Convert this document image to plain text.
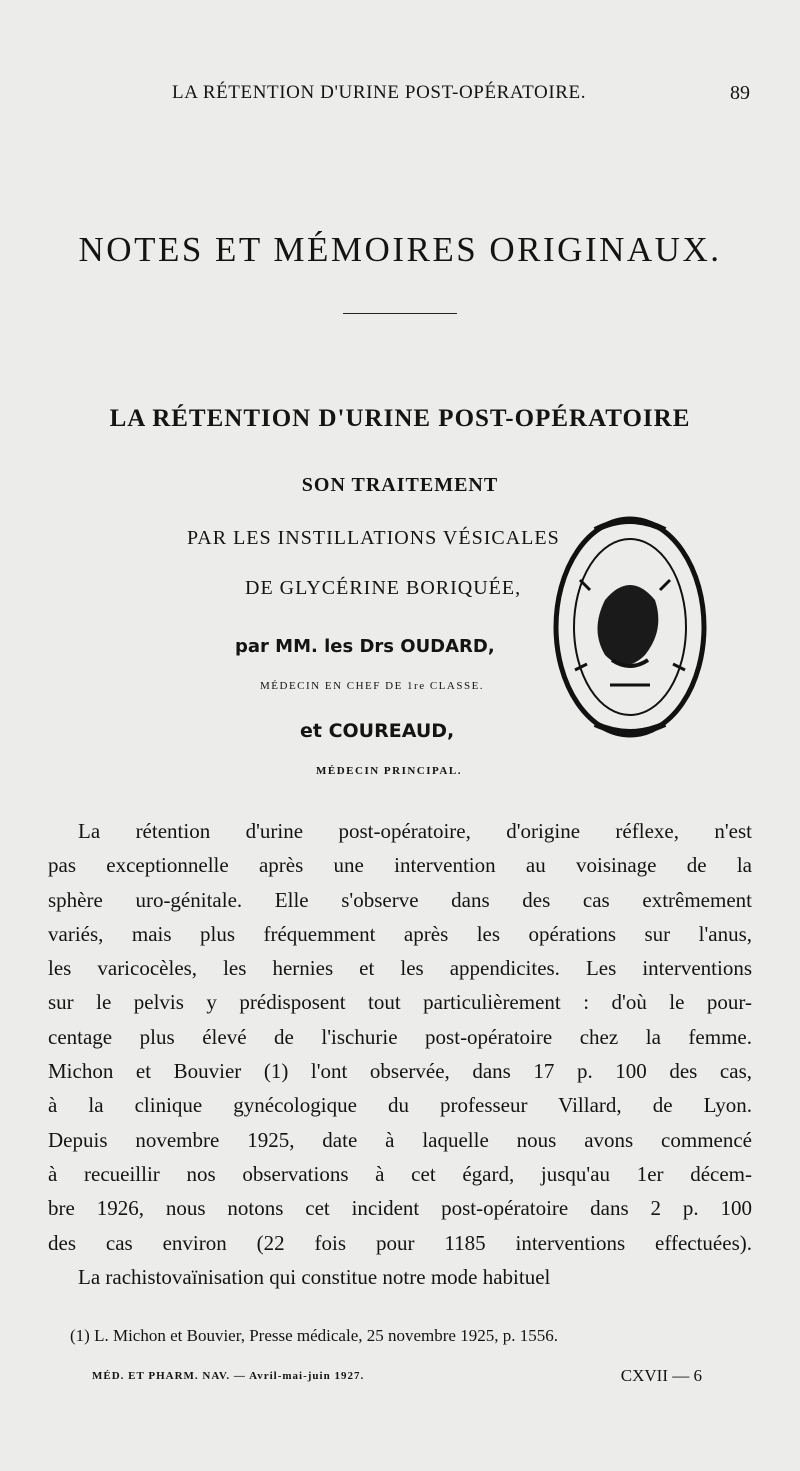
LA RÉTENTION D'URINE POST-OPÉRATOIRE.	89
NOTES ET MÉMOIRES ORIGINAUX.
LA RÉTENTION D'URINE POST-OPÉRATOIRE
SON TRAITEMENT
PAR LES INSTILLATIONS VÉSICALES
DE GLYCÉRINE BORIQUÉE,
par MM. les Drs OUDARD,
MÉDECIN EN CHEF DE 1re CLASSE.
et COUREAUD,
MÉDECIN PRINCIPAL.
La rétention d'urine post-opératoire, d'origine réflexe, n'est
pas exceptionnelle après une intervention au voisinage de la
sphère uro-génitale. Elle s'observe dans des cas extrêmement
variés, mais plus fréquemment après les opérations sur l'anus,
les varicocèles, les hernies et les appendicites. Les interventions
sur le pelvis y prédisposent tout particulièrement : d'où le pour-
centage plus élevé de l'ischurie post-opératoire chez la femme.
Michon et Bouvier (1) l'ont observée, dans 17 p. 100 des cas,
à la clinique gynécologique du professeur Villard, de Lyon.
Depuis novembre 1925, date à laquelle nous avons commencé
à recueillir nos observations à cet égard, jusqu'au 1er décem-
bre 1926, nous notons cet incident post-opératoire dans 2 p. 100
des cas environ (22 fois pour 1185 interventions effectuées).
La rachistovaïnisation qui constitue notre mode habituel
(1) L. Michon et Bouvier, Presse médicale, 25 novembre 1925, p. 1556.
MÉD. ET PHARM. NAV. — Avril-mai-juin 1927.	CXVII — 6
